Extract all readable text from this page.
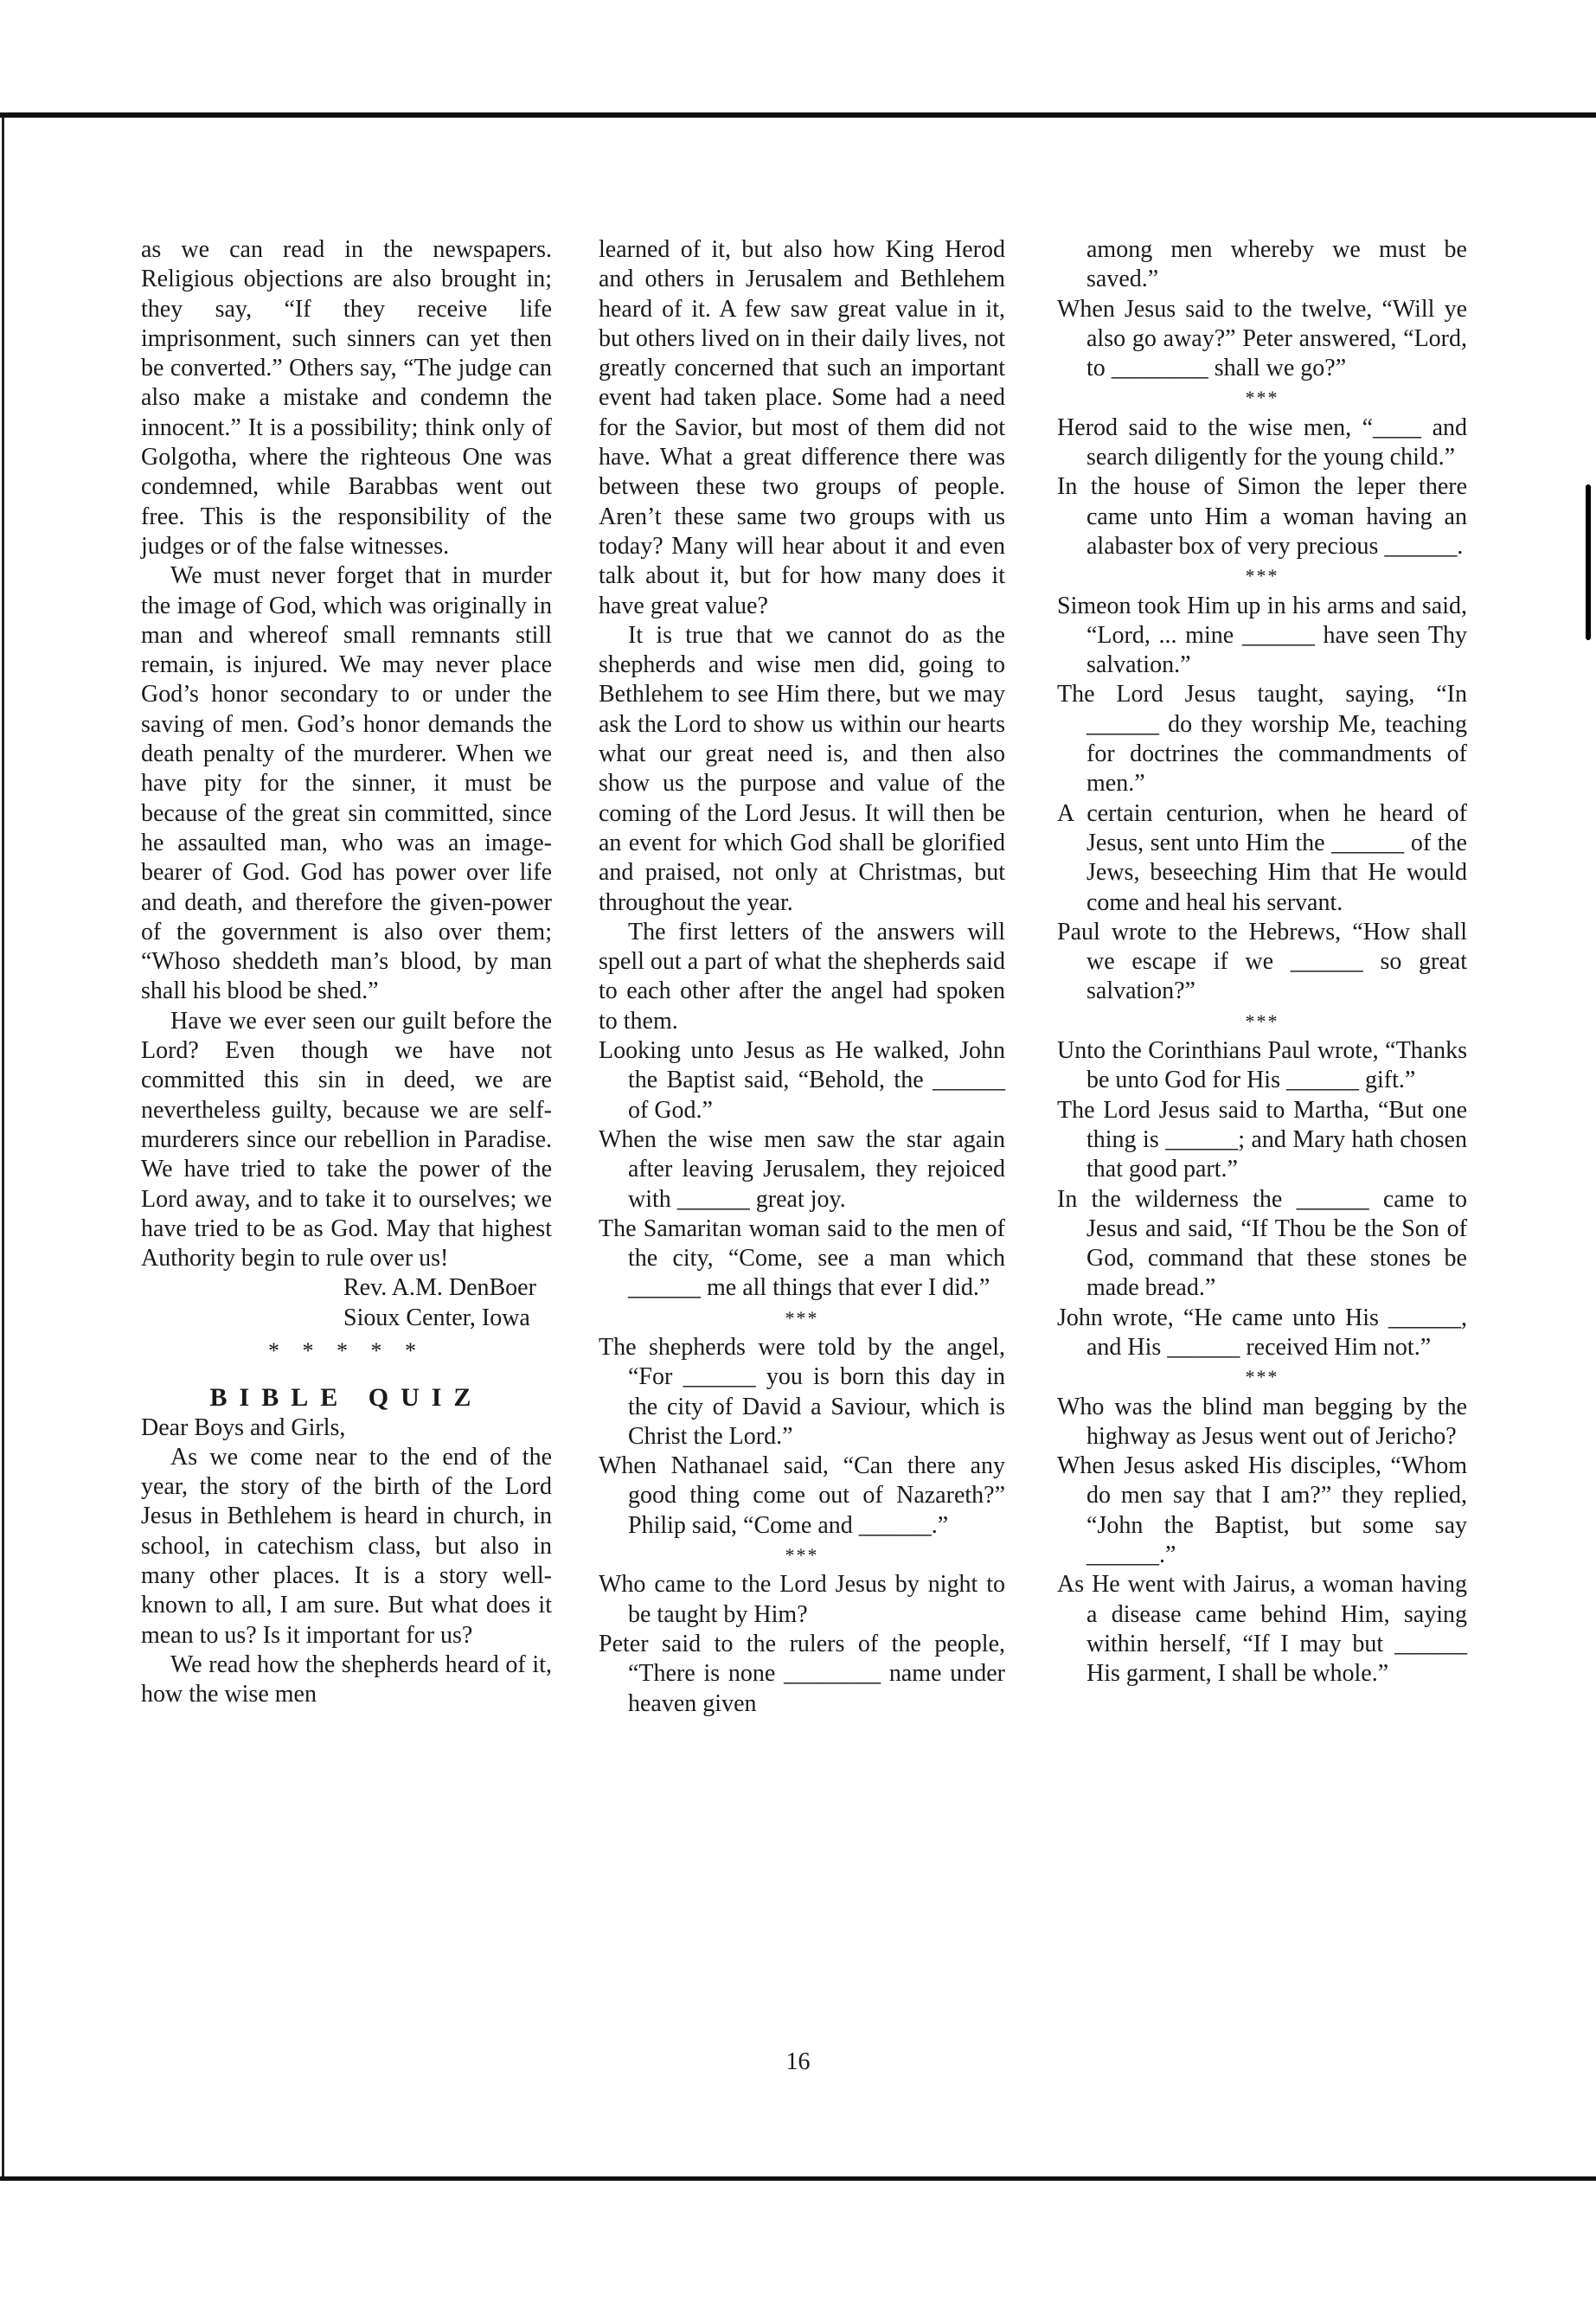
as we can read in the newspapers. Religious objections are also brought in; they say, “If they receive life imprisonment, such sinners can yet then be converted.” Others say, “The judge can also make a mistake and condemn the innocent.” It is a possibility; think only of Golgotha, where the righteous One was condemned, while Barabbas went out free. This is the responsibility of the judges or of the false witnesses.

We must never forget that in murder the image of God, which was originally in man and whereof small remnants still remain, is injured. We may never place God’s honor secondary to or under the saving of men. God’s honor demands the death penalty of the murderer. When we have pity for the sinner, it must be because of the great sin committed, since he assaulted man, who was an image-bearer of God. God has power over life and death, and therefore the given-power of the government is also over them; “Whoso sheddeth man’s blood, by man shall his blood be shed.”

Have we ever seen our guilt before the Lord? Even though we have not committed this sin in deed, we are nevertheless guilty, because we are self-murderers since our rebellion in Paradise. We have tried to take the power of the Lord away, and to take it to ourselves; we have tried to be as God. May that highest Authority begin to rule over us!

Rev. A.M. DenBoer

Sioux Center, Iowa

* * * * *
BIBLE QUIZ

Dear Boys and Girls,

As we come near to the end of the year, the story of the birth of the Lord Jesus in Bethlehem is heard in church, in school, in catechism class, but also in many other places. It is a story well-known to all, I am sure. But what does it mean to us? Is it important for us?

We read how the shepherds heard of it, how the wise men

learned of it, but also how King Herod and others in Jerusalem and Bethlehem heard of it. A few saw great value in it, but others lived on in their daily lives, not greatly concerned that such an important event had taken place. Some had a need for the Savior, but most of them did not have. What a great difference there was between these two groups of people. Aren’t these same two groups with us today? Many will hear about it and even talk about it, but for how many does it have great value?

It is true that we cannot do as the shepherds and wise men did, going to Bethlehem to see Him there, but we may ask the Lord to show us within our hearts what our great need is, and then also show us the purpose and value of the coming of the Lord Jesus. It will then be an event for which God shall be glorified and praised, not only at Christmas, but throughout the year.

The first letters of the answers will spell out a part of what the shepherds said to each other after the angel had spoken to them.

Looking unto Jesus as He walked, John the Baptist said, “Behold, the ______ of God.”

When the wise men saw the star again after leaving Jerusalem, they rejoiced with ______ great joy.

The Samaritan woman said to the men of the city, “Come, see a man which ______ me all things that ever I did.”

***

The shepherds were told by the angel, “For ______ you is born this day in the city of David a Saviour, which is Christ the Lord.”

When Nathanael said, “Can there any good thing come out of Nazareth?” Philip said, “Come and ______.”

***

Who came to the Lord Jesus by night to be taught by Him?

Peter said to the rulers of the people, “There is none ________ name under heaven given

among men whereby we must be saved.”

When Jesus said to the twelve, “Will ye also go away?” Peter answered, “Lord, to ________ shall we go?”

***

Herod said to the wise men, “____ and search diligently for the young child.”

In the house of Simon the leper there came unto Him a woman having an alabaster box of very precious ______.

***

Simeon took Him up in his arms and said, “Lord, ... mine ______ have seen Thy salvation.”

The Lord Jesus taught, saying, “In ______ do they worship Me, teaching for doctrines the commandments of men.”

A certain centurion, when he heard of Jesus, sent unto Him the ______ of the Jews, beseeching Him that He would come and heal his servant.

Paul wrote to the Hebrews, “How shall we escape if we ______ so great salvation?”

***

Unto the Corinthians Paul wrote, “Thanks be unto God for His ______ gift.”

The Lord Jesus said to Martha, “But one thing is ______; and Mary hath chosen that good part.”

In the wilderness the ______ came to Jesus and said, “If Thou be the Son of God, command that these stones be made bread.”

John wrote, “He came unto His ______, and His ______ received Him not.”

***

Who was the blind man begging by the highway as Jesus went out of Jericho?

When Jesus asked His disciples, “Whom do men say that I am?” they replied, “John the Baptist, but some say ______.”

As He went with Jairus, a woman having a disease came behind Him, saying within herself, “If I may but ______ His garment, I shall be whole.”

16
